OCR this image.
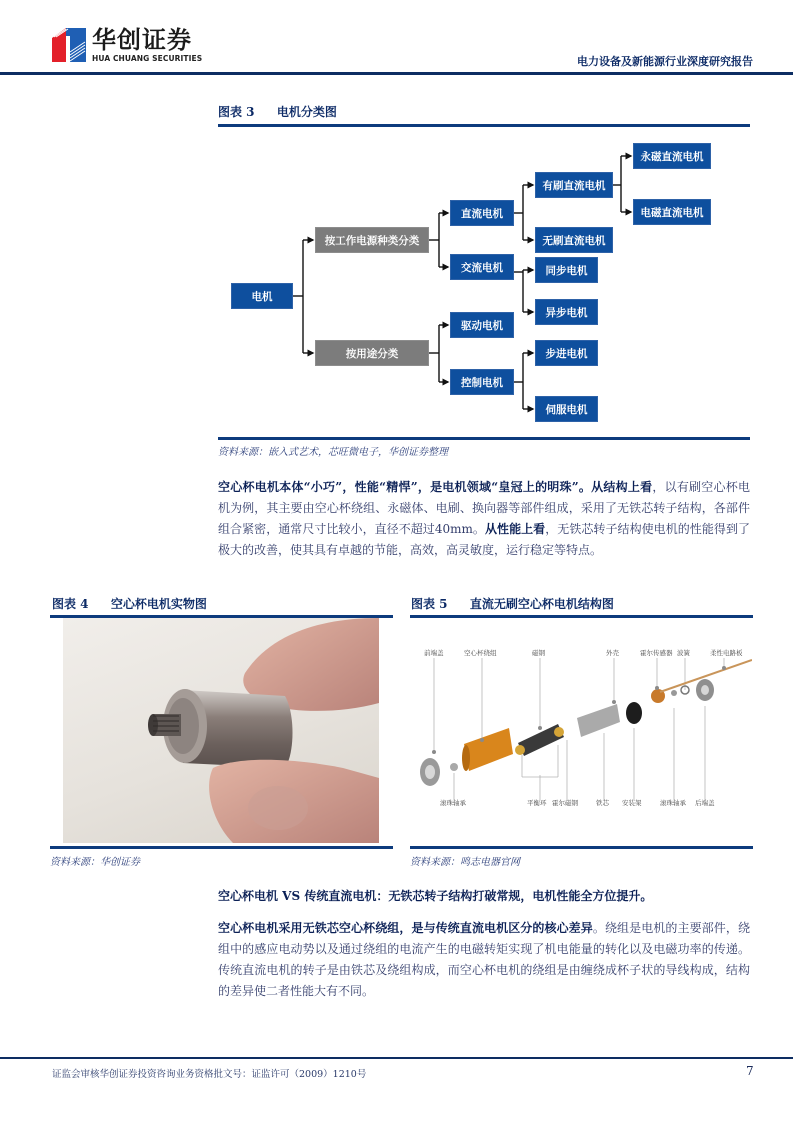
华创证券
HUA CHUANG SECURITIES	电力设备及新能源行业深度研究报告
图表 3 电机分类图
电机
按工作电源种类分类
按用途分类
直流电机
交流电机
驱动电机
控制电机
有刷直流电机
无刷直流电机
同步电机
异步电机
步进电机
伺服电机
永磁直流电机
电磁直流电机
资料来源：嵌入式艺术，芯旺微电子，华创证券整理
空心杯电机本体“小巧”，性能“精悍”，是电机领域“皇冠上的明珠”。从结构上看，以有刷空心杯电机为例，其主要由空心杯绕组、永磁体、电刷、换向器等部件组成，采用了无铁芯转子结构，各部件组合紧密，通常尺寸比较小，直径不超过40mm。从性能上看，无铁芯转子结构使电机的性能得到了极大的改善，使其具有卓越的节能，高效，高灵敏度，运行稳定等特点。
图表 4 空心杯电机实物图
资料来源：华创证券
图表 5 直流无刷空心杯电机结构图
前端盖	空心杯绕组	磁钢	外壳	霍尔传感器 波簧	柔性电路板
滚珠轴承	平衡环 霍尔磁钢	铁芯 安装架	滚珠轴承 后端盖
资料来源：鸣志电器官网
空心杯电机 VS 传统直流电机：无铁芯转子结构打破常规，电机性能全方位提升。
空心杯电机采用无铁芯空心杯绕组，是与传统直流电机区分的核心差异。绕组是电机的主要部件，绕组中的感应电动势以及通过绕组的电流产生的电磁转矩实现了机电能量的转化以及电磁功率的传递。传统直流电机的转子是由铁芯及绕组构成，而空心杯电机的绕组是由缠绕成杯子状的导线构成，结构的差异使二者性能大有不同。
证监会审核华创证券投资咨询业务资格批文号：证监许可（2009）1210号	7
